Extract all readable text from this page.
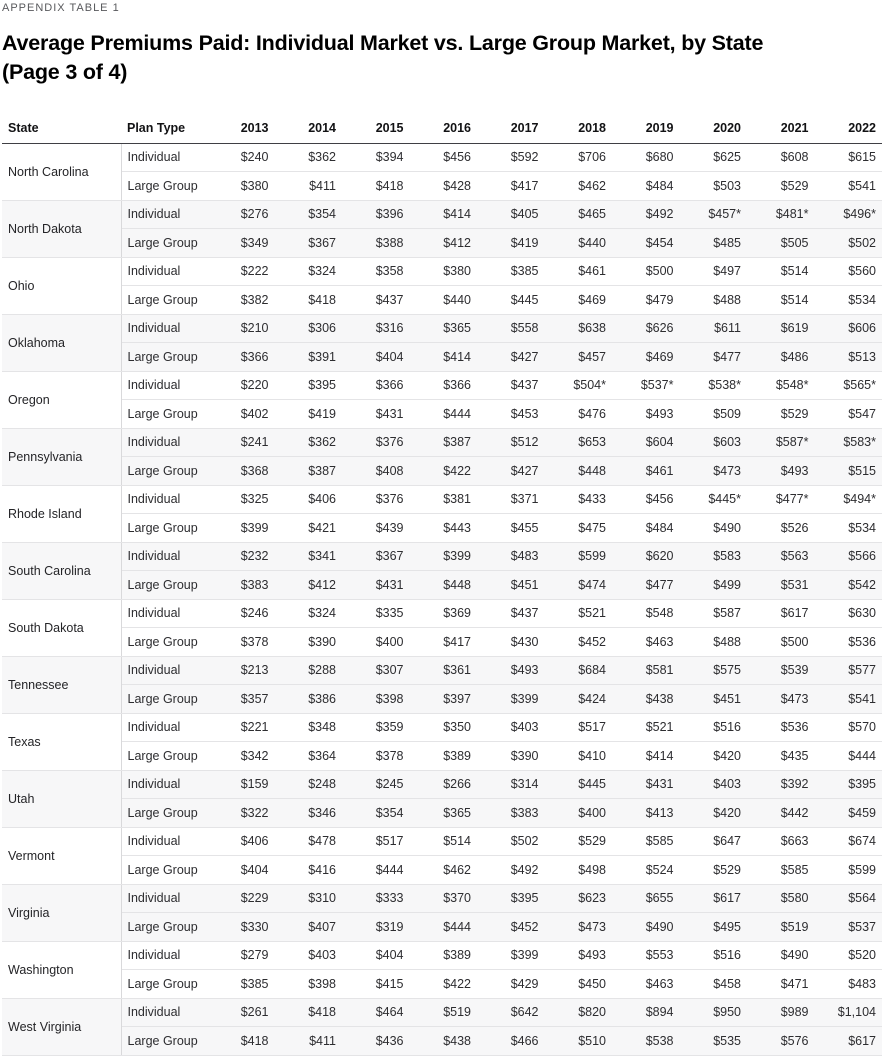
APPENDIX TABLE 1
Average Premiums Paid: Individual Market vs. Large Group Market, by State
(Page 3 of 4)
State	Plan Type	2013	2014	2015	2016	2017	2018	2019	2020	2021	2022
North Carolina	Individual	$240	$362	$394	$456	$592	$706	$680	$625	$608	$615
	Large Group	$380	$411	$418	$428	$417	$462	$484	$503	$529	$541
North Dakota	Individual	$276	$354	$396	$414	$405	$465	$492	$457*	$481*	$496*
	Large Group	$349	$367	$388	$412	$419	$440	$454	$485	$505	$502
Ohio	Individual	$222	$324	$358	$380	$385	$461	$500	$497	$514	$560
	Large Group	$382	$418	$437	$440	$445	$469	$479	$488	$514	$534
Oklahoma	Individual	$210	$306	$316	$365	$558	$638	$626	$611	$619	$606
	Large Group	$366	$391	$404	$414	$427	$457	$469	$477	$486	$513
Oregon	Individual	$220	$395	$366	$366	$437	$504*	$537*	$538*	$548*	$565*
	Large Group	$402	$419	$431	$444	$453	$476	$493	$509	$529	$547
Pennsylvania	Individual	$241	$362	$376	$387	$512	$653	$604	$603	$587*	$583*
	Large Group	$368	$387	$408	$422	$427	$448	$461	$473	$493	$515
Rhode Island	Individual	$325	$406	$376	$381	$371	$433	$456	$445*	$477*	$494*
	Large Group	$399	$421	$439	$443	$455	$475	$484	$490	$526	$534
South Carolina	Individual	$232	$341	$367	$399	$483	$599	$620	$583	$563	$566
	Large Group	$383	$412	$431	$448	$451	$474	$477	$499	$531	$542
South Dakota	Individual	$246	$324	$335	$369	$437	$521	$548	$587	$617	$630
	Large Group	$378	$390	$400	$417	$430	$452	$463	$488	$500	$536
Tennessee	Individual	$213	$288	$307	$361	$493	$684	$581	$575	$539	$577
	Large Group	$357	$386	$398	$397	$399	$424	$438	$451	$473	$541
Texas	Individual	$221	$348	$359	$350	$403	$517	$521	$516	$536	$570
	Large Group	$342	$364	$378	$389	$390	$410	$414	$420	$435	$444
Utah	Individual	$159	$248	$245	$266	$314	$445	$431	$403	$392	$395
	Large Group	$322	$346	$354	$365	$383	$400	$413	$420	$442	$459
Vermont	Individual	$406	$478	$517	$514	$502	$529	$585	$647	$663	$674
	Large Group	$404	$416	$444	$462	$492	$498	$524	$529	$585	$599
Virginia	Individual	$229	$310	$333	$370	$395	$623	$655	$617	$580	$564
	Large Group	$330	$407	$319	$444	$452	$473	$490	$495	$519	$537
Washington	Individual	$279	$403	$404	$389	$399	$493	$553	$516	$490	$520
	Large Group	$385	$398	$415	$422	$429	$450	$463	$458	$471	$483
West Virginia	Individual	$261	$418	$464	$519	$642	$820	$894	$950	$989	$1,104
	Large Group	$418	$411	$436	$438	$466	$510	$538	$535	$576	$617
